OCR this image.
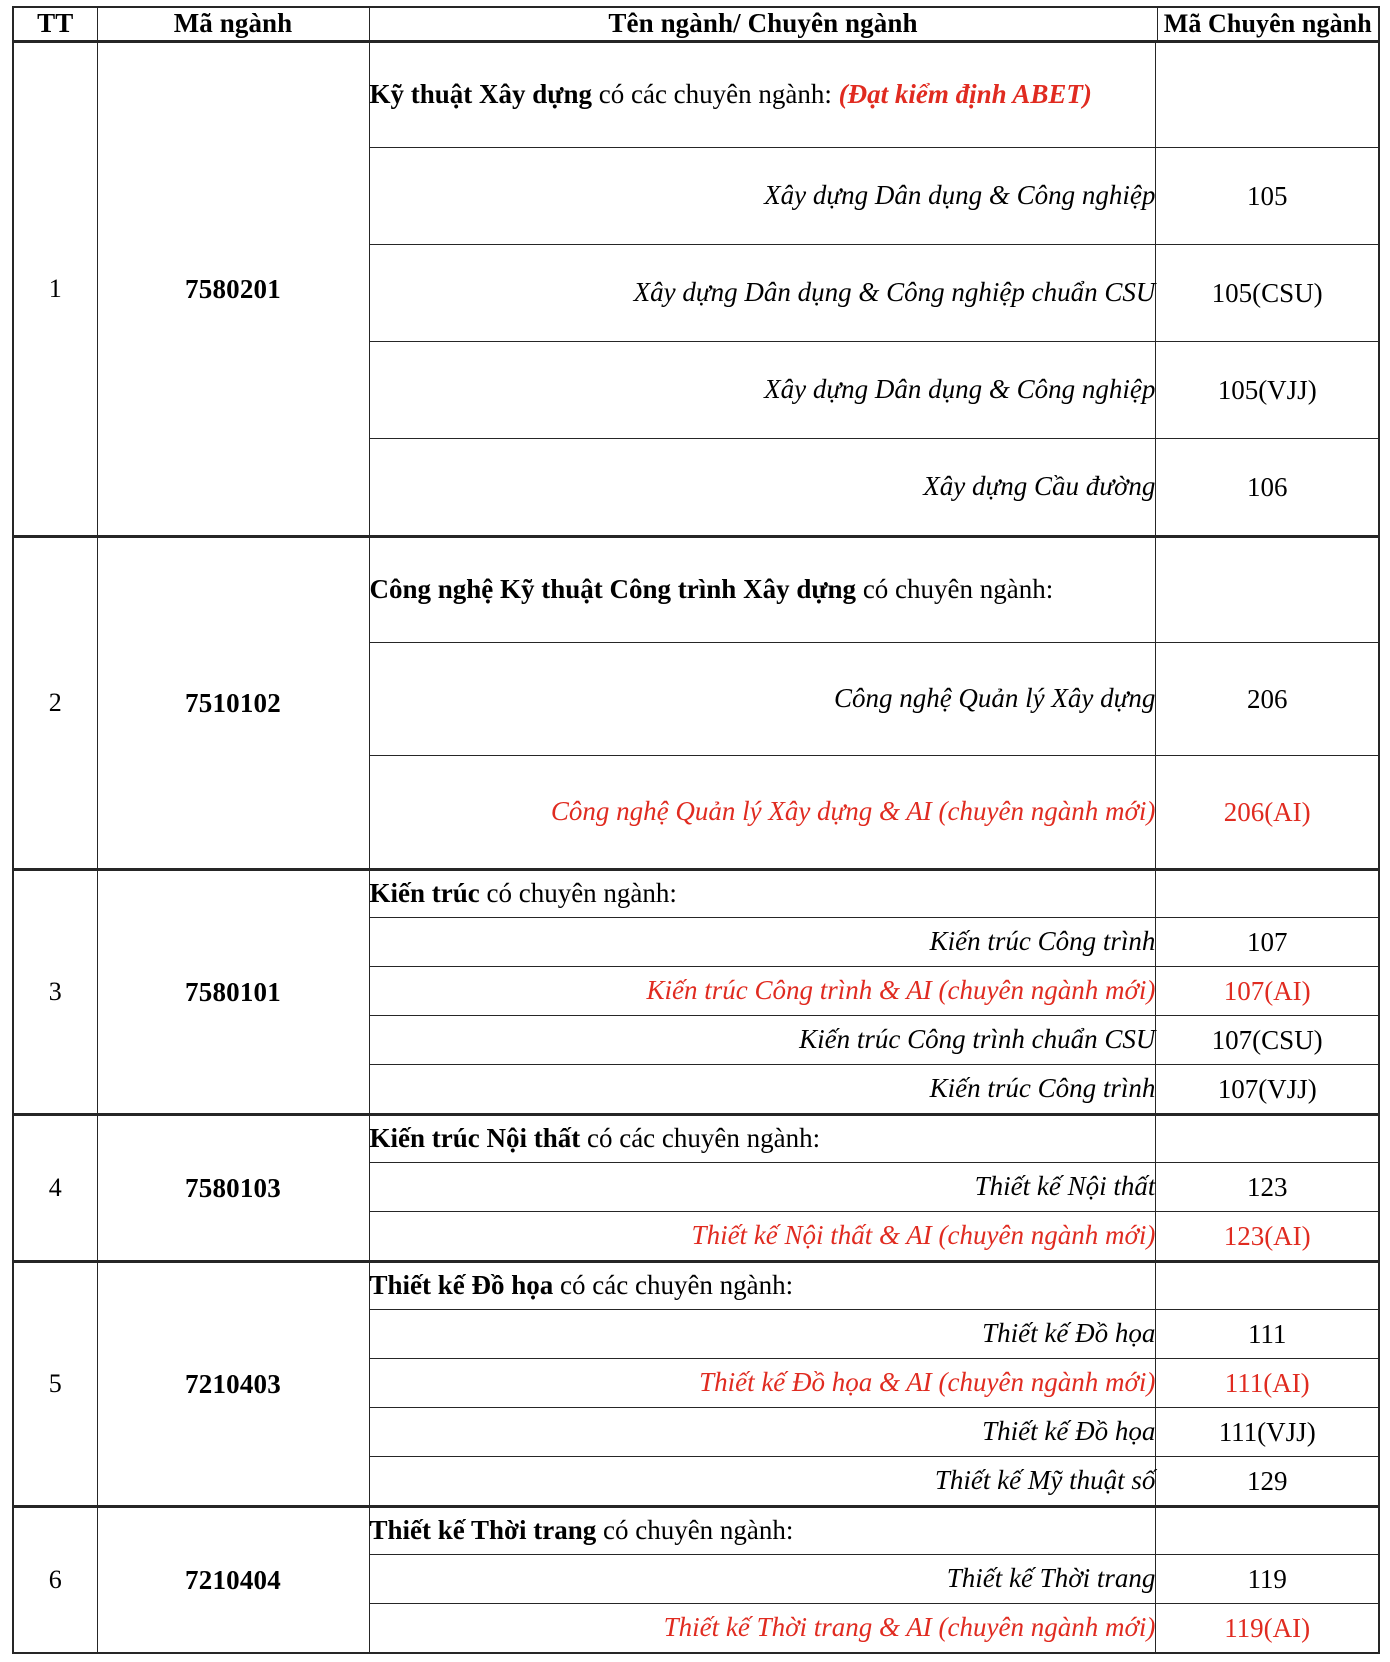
TT	Mã ngành	Tên ngành/ Chuyên ngành	Mã Chuyên ngành
1	7580201	
Kỹ thuật Xây dựng có các chuyên ngành: (Đạt kiểm định ABET)	
Xây dựng Dân dụng & Công nghiệp	105
Xây dựng Dân dụng & Công nghiệp chuẩn CSU	105(CSU)
Xây dựng Dân dụng & Công nghiệp	105(VJJ)
Xây dựng Cầu đường	106

2	7510102	
Công nghệ Kỹ thuật Công trình Xây dựng có chuyên ngành:	
Công nghệ Quản lý Xây dựng	206
Công nghệ Quản lý Xây dựng & AI (chuyên ngành mới)	206(AI)

3	7580101	
Kiến trúc có chuyên ngành:	
Kiến trúc Công trình	107
Kiến trúc Công trình & AI (chuyên ngành mới)	107(AI)
Kiến trúc Công trình chuẩn CSU	107(CSU)
Kiến trúc Công trình	107(VJJ)

4	7580103	
Kiến trúc Nội thất có các chuyên ngành:	
Thiết kế Nội thất	123
Thiết kế Nội thất & AI (chuyên ngành mới)	123(AI)

5	7210403	
Thiết kế Đồ họa có các chuyên ngành:	
Thiết kế Đồ họa	111
Thiết kế Đồ họa & AI (chuyên ngành mới)	111(AI)
Thiết kế Đồ họa	111(VJJ)
Thiết kế Mỹ thuật số	129

6	7210404	
Thiết kế Thời trang có chuyên ngành:	
Thiết kế Thời trang	119
Thiết kế Thời trang & AI (chuyên ngành mới)	119(AI)
